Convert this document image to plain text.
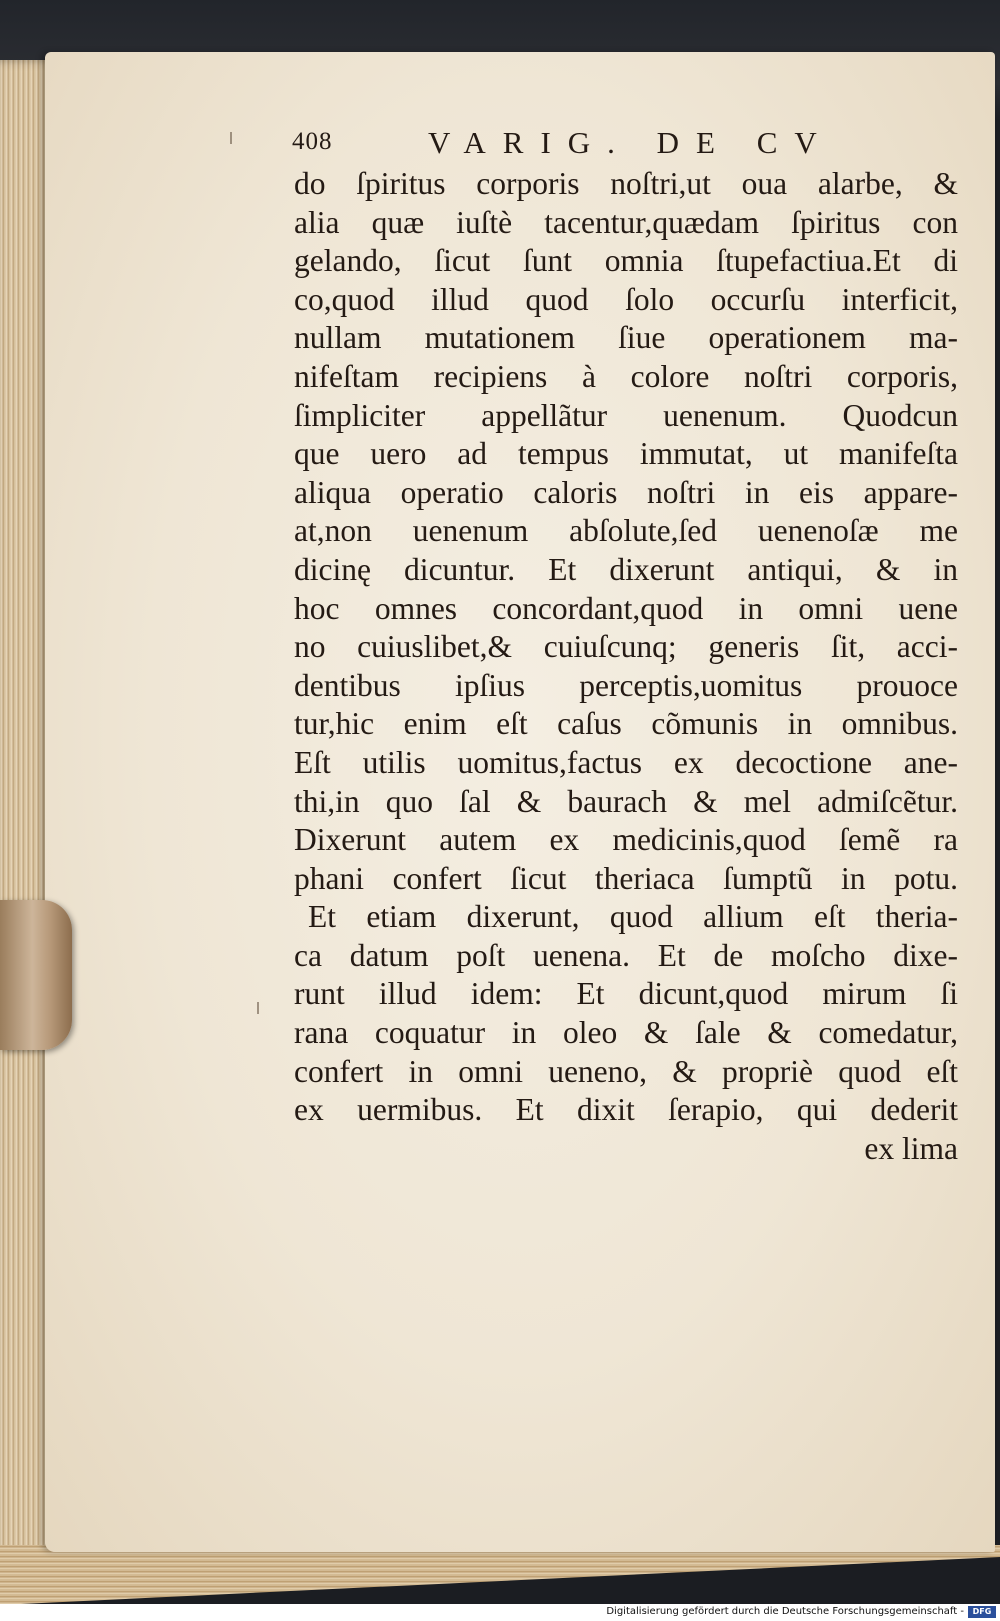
408	VARIG. DE CV
do ſpiritus corporis noſtri,ut oua alarbe, &
alia quæ iuſtè tacentur,quædam ſpiritus con
gelando, ſicut ſunt omnia ſtupefactiua.Et di
co,quod illud quod ſolo occurſu interficit,
nullam mutationem ſiue operationem ma-
nifeſtam recipiens à colore noſtri corporis,
ſimpliciter appellãtur uenenum. Quodcun
que uero ad tempus immutat, ut manifeſta
aliqua operatio caloris noſtri in eis appare-
at,non uenenum abſolute,ſed uenenoſæ me
dicinę dicuntur. Et dixerunt antiqui, & in
hoc omnes concordant,quod in omni uene
no cuiuslibet,& cuiuſcunq; generis ſit, acci-
dentibus ipſius perceptis,uomitus prouoce
tur,hic enim eſt caſus cõmunis in omnibus.
Eſt utilis uomitus,factus ex decoctione ane-
thi,in quo ſal & baurach & mel admiſcẽtur.
Dixerunt autem ex medicinis,quod ſemẽ ra
phani confert ſicut theriaca ſumptũ in potu.
Et etiam dixerunt, quod allium eſt theria-
ca datum poſt uenena. Et de moſcho dixe-
runt illud idem: Et dicunt,quod mirum ſi
rana coquatur in oleo & ſale & comedatur,
confert in omni ueneno, & propriè quod eſt
ex uermibus. Et dixit ſerapio, qui dederit
ex lima
Digitalisierung gefördert durch die Deutsche Forschungsgemeinschaft -	DFG
